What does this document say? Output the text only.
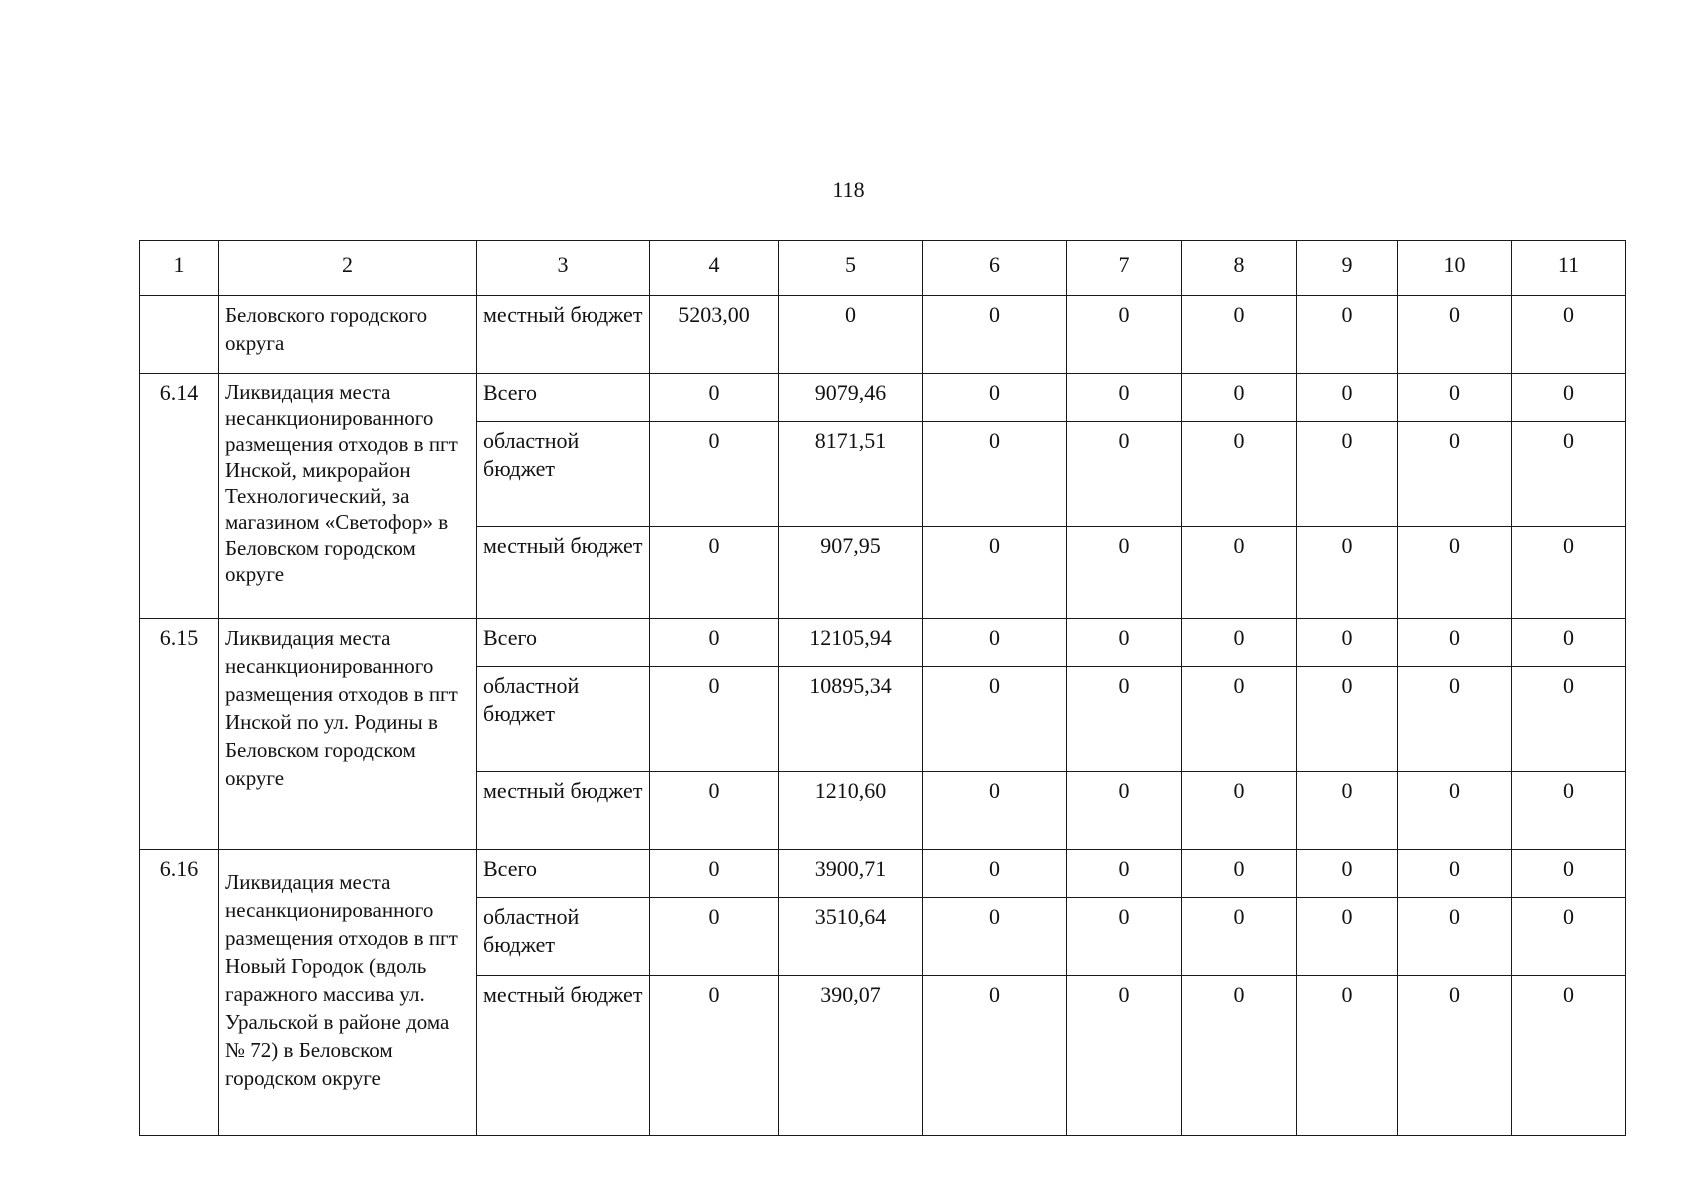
118
1	2	3	4	5	6	7	8	9	10	11
	Беловского городского округа	местный бюджет	5203,00	0	0	0	0	0	0	0
6.14	Ликвидация места несанкционированного размещения отходов в пгт Инской, микрорайон Технологический, за магазином «Светофор» в Беловском городском округе	Всего	0	9079,46	0	0	0	0	0	0
		областной бюджет	0	8171,51	0	0	0	0	0	0
		местный бюджет	0	907,95	0	0	0	0	0	0
6.15	Ликвидация места несанкционированного размещения отходов в пгт Инской по ул. Родины в Беловском городском округе	Всего	0	12105,94	0	0	0	0	0	0
		областной бюджет	0	10895,34	0	0	0	0	0	0
		местный бюджет	0	1210,60	0	0	0	0	0	0
6.16	Ликвидация места несанкционированного размещения отходов в пгт Новый Городок (вдоль гаражного массива ул. Уральской в районе дома № 72) в Беловском городском округе	Всего	0	3900,71	0	0	0	0	0	0
		областной бюджет	0	3510,64	0	0	0	0	0	0
		местный бюджет	0	390,07	0	0	0	0	0	0
